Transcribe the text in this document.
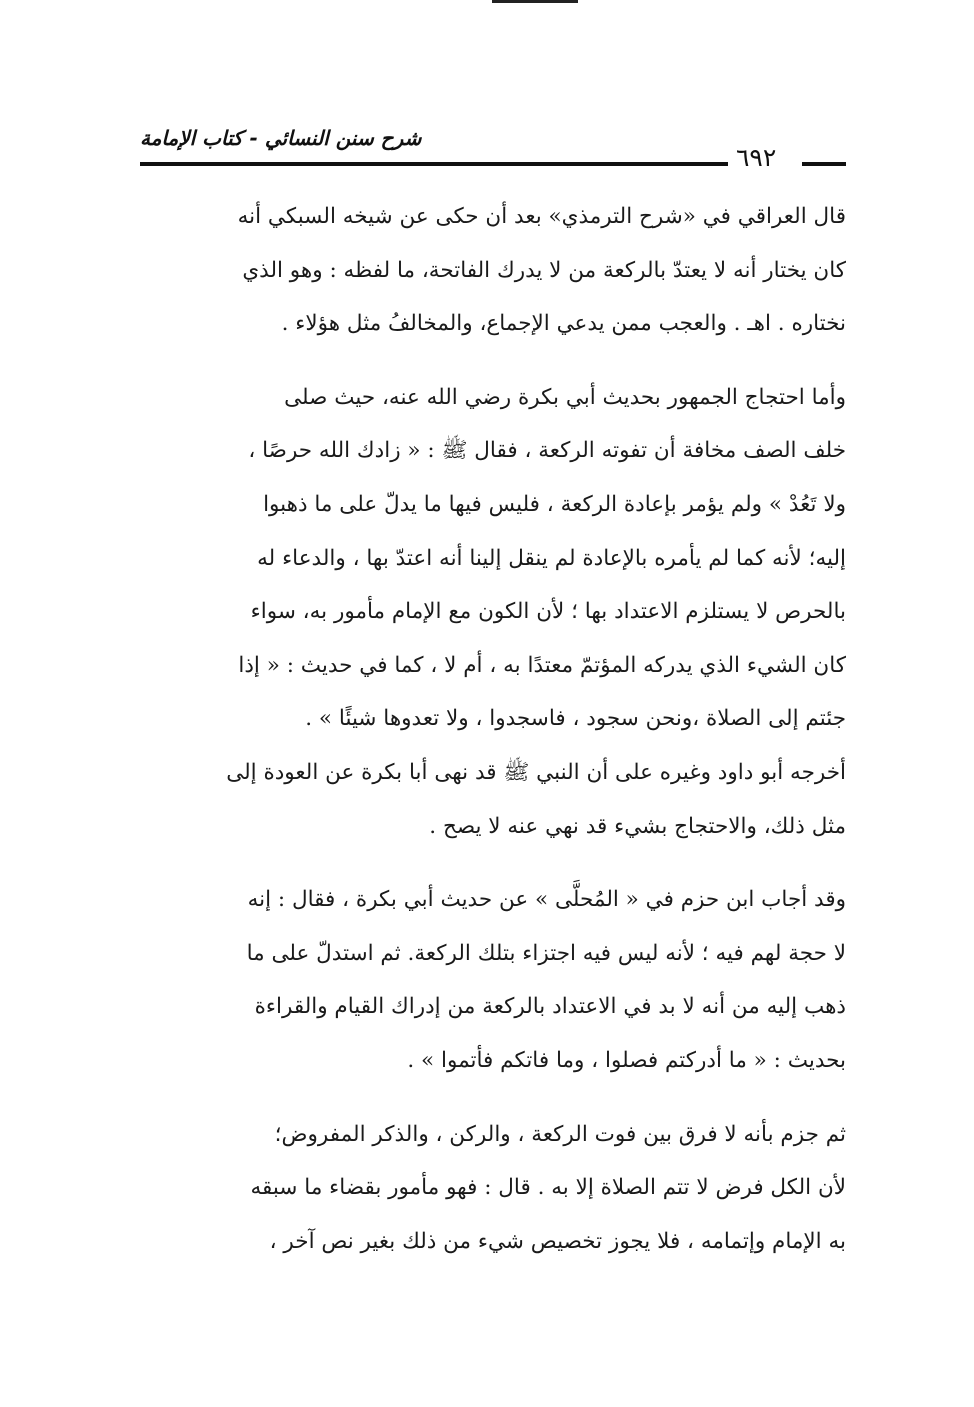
شرح سنن النسائي - كتاب الإمامة
٦٩٢

قال العراقي في «شرح الترمذي» بعد أن حكى عن شيخه السبكي أنه
كان يختار أنه لا يعتدّ بالركعة من لا يدرك الفاتحة، ما لفظه : وهو الذي
نختاره . اهـ . والعجب ممن يدعي الإجماع، والمخالفُ مثل هؤلاء .

وأما احتجاج الجمهور بحديث أبي بكرة رضي الله عنه، حيث صلى
خلف الصف مخافة أن تفوته الركعة ، فقال ﷺ : « زادك الله حرصًا ،
ولا تَعُدْ » ولم يؤمر بإعادة الركعة ، فليس فيها ما يدلّ على ما ذهبوا
إليه؛ لأنه كما لم يأمره بالإعادة لم ينقل إلينا أنه اعتدّ بها ، والدعاء له
بالحرص لا يستلزم الاعتداد بها ؛ لأن الكون مع الإمام مأمور به، سواء
كان الشيء الذي يدركه المؤتمّ معتدًا به ، أم لا ، كما في حديث : « إذا
جئتم إلى الصلاة ،ونحن سجود ، فاسجدوا ، ولا تعدوها شيئًا » .
أخرجه أبو داود وغيره على أن النبي ﷺ قد نهى أبا بكرة عن العودة إلى
مثل ذلك، والاحتجاج بشيء قد نهي عنه لا يصح .

وقد أجاب ابن حزم في « المُحلَّى » عن حديث أبي بكرة ، فقال : إنه
لا حجة لهم فيه ؛ لأنه ليس فيه اجتزاء بتلك الركعة. ثم استدلّ على ما
ذهب إليه من أنه لا بد في الاعتداد بالركعة من إدراك القيام والقراءة
بحديث : « ما أدركتم فصلوا ، وما فاتكم فأتموا » .

ثم جزم بأنه لا فرق بين فوت الركعة ، والركن ، والذكر المفروض؛
لأن الكل فرض لا تتم الصلاة إلا به . قال : فهو مأمور بقضاء ما سبقه
به الإمام وإتمامه ، فلا يجوز تخصيص شيء من ذلك بغير نص آخر ،
